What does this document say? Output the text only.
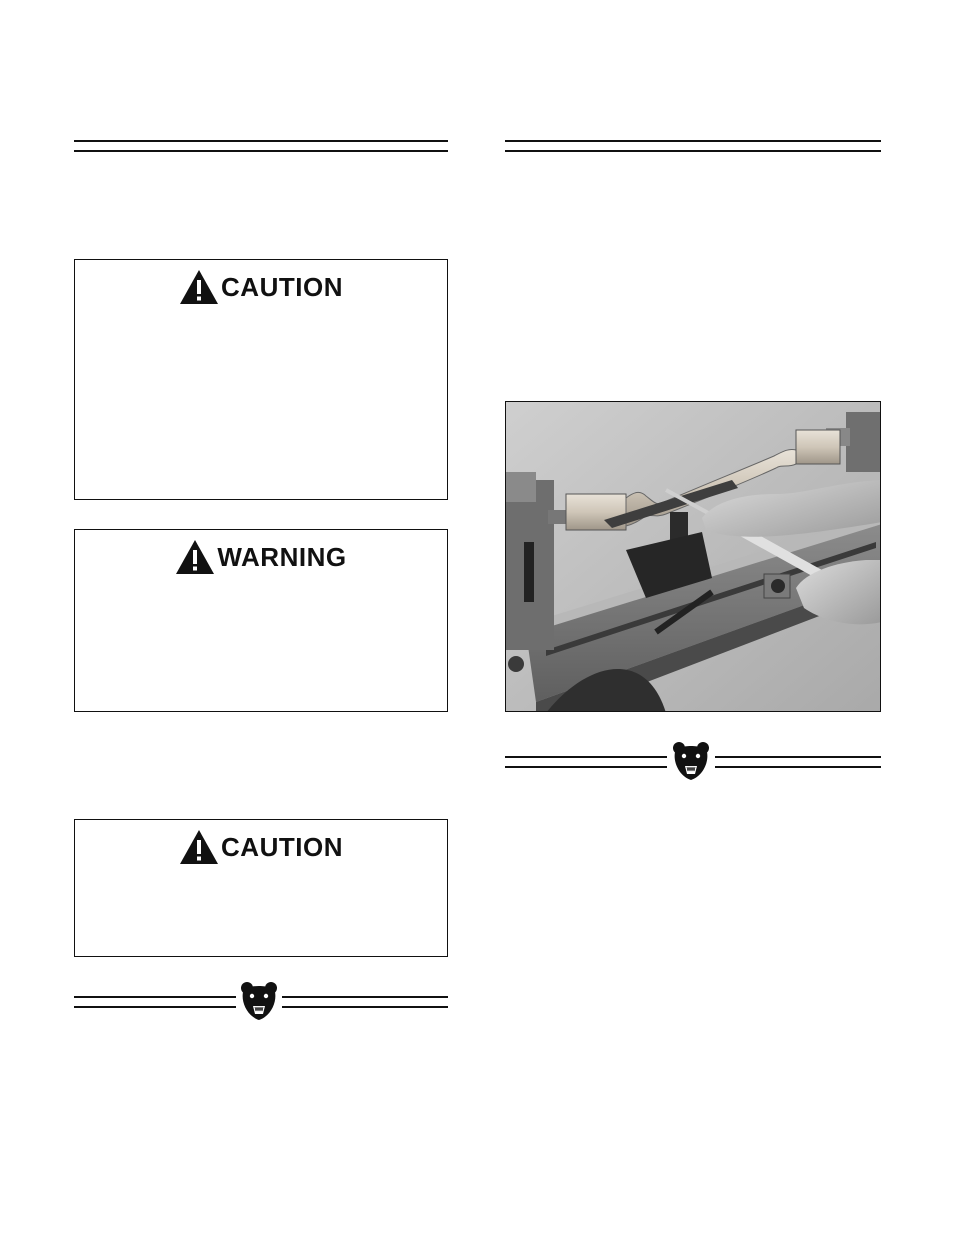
CAUTION
WARNING
CAUTION
